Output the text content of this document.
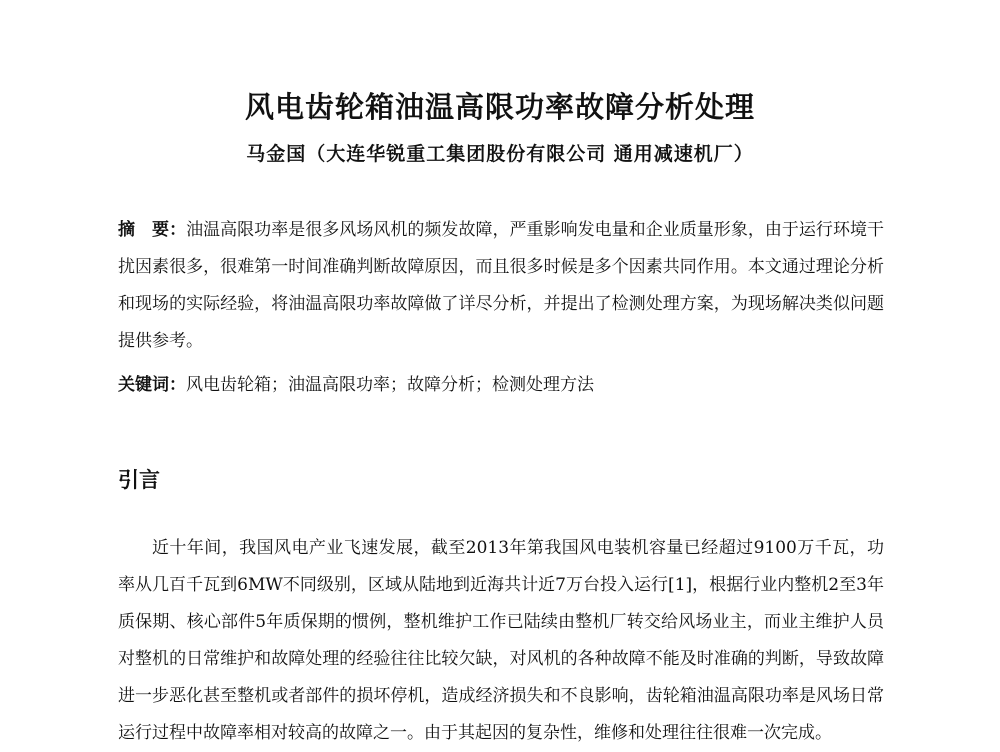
风电齿轮箱油温高限功率故障分析处理
马金国（大连华锐重工集团股份有限公司 通用减速机厂）

摘　要：油温高限功率是很多风场风机的频发故障，严重影响发电量和企业质量形象，由于运行环境干扰因素很多，很难第一时间准确判断故障原因，而且很多时候是多个因素共同作用。本文通过理论分析和现场的实际经验，将油温高限功率故障做了详尽分析，并提出了检测处理方案，为现场解决类似问题提供参考。

关键词：风电齿轮箱；油温高限功率；故障分析；检测处理方法

引言

近十年间，我国风电产业飞速发展，截至2013年第我国风电装机容量已经超过9100万千瓦，功率从几百千瓦到6MW不同级别，区域从陆地到近海共计近7万台投入运行[1]，根据行业内整机2至3年质保期、核心部件5年质保期的惯例，整机维护工作已陆续由整机厂转交给风场业主，而业主维护人员对整机的日常维护和故障处理的经验往往比较欠缺，对风机的各种故障不能及时准确的判断，导致故障进一步恶化甚至整机或者部件的损坏停机，造成经济损失和不良影响，齿轮箱油温高限功率是风场日常运行过程中故障率相对较高的故障之一。由于其起因的复杂性，维修和处理往往很难一次完成。
